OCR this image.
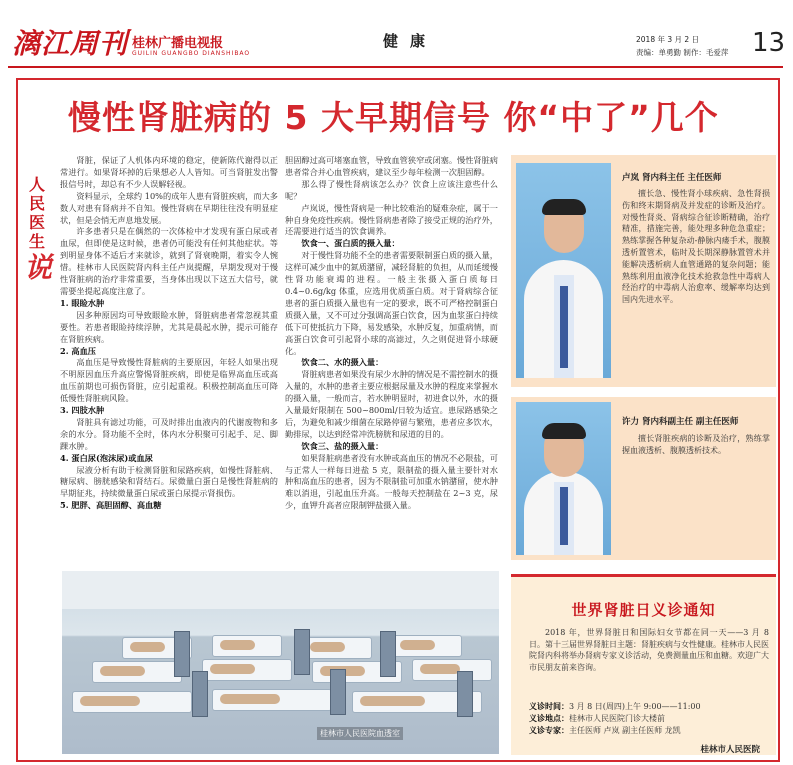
漓江周刊 桂林广播电视报
GUILIN GUANGBO DIANSHIBAO
健康	2018 年 3 月 2 日
责编：单勇勤 制作：毛爱萍 13
慢性肾脏病的 5 大早期信号 你“中了”几个
人
民
医
生
说

肾脏，保证了人机体内环境的稳定，使新陈代谢得以正常进行。如果肾坏掉的后果想必人人皆知。可当肾脏发出警报信号时，却总有不少人误解轻视。

资料显示，全球约 10%的成年人患有肾脏疾病，而大多数人对患有肾病并不自知。慢性肾病在早期往往没有明显症状，但是会悄无声息地发展。

许多患者只是在偶然的一次体检中才发现有蛋白尿或者血尿，但即使是这时候，患者仍可能没有任何其他症状。等到明显身体不适后才来就诊，就到了肾衰晚期，着实令人惋惜。桂林市人民医院肾内科主任卢岚提醒，早期发现对于慢性肾脏病的治疗非常重要，当身体出现以下这五大信号，就需要坐提起高度注意了。

1. 眼睑水肿

因多种原因均可导致眼睑水肿，肾脏病患者常忽视其重要性。若患者眼睑持续浮肿，尤其是晨起水肿，提示可能存在肾脏疾病。

2. 高血压

高血压是导致慢性肾脏病的主要原因，年轻人如果出现不明原因血压升高应警惕肾脏疾病，即使是临界高血压或高血压前期也可损伤肾脏，应引起重视。积极控制高血压可降低慢性肾脏病风险。

3. 四肢水肿

肾脏具有滤过功能，可及时排出血液内的代谢废物和多余的水分。肾功能不全时，体内水分积聚可引起手、足、脚踝水肿。

4. 蛋白尿(泡沫尿)或血尿

尿液分析有助于检测肾脏和尿路疾病，如慢性肾脏病、糖尿病、膀胱感染和肾结石。尿微量白蛋白是慢性肾脏病的早期征兆，持续微量蛋白尿或蛋白尿提示肾损伤。

5. 肥胖、高胆固醇、高血糖

胆固醇过高可堵塞血管，导致血管狭窄或闭塞。慢性肾脏病患者常合并心血管疾病，建议至少每年检测一次胆固醇。

那么得了慢性肾病该怎么办？饮食上应该注意些什么呢？

卢岚说，慢性肾病是一种比较难治的疑难杂症，属于一种自身免疫性疾病。慢性肾病患者除了接受正规的治疗外，还需要进行适当的饮食调养。

饮食一、蛋白质的摄入量：

对于慢性肾功能不全的患者需要限制蛋白质的摄入量，这样可减少血中的氮质潴留，减轻肾脏的负担，从而延缓慢性肾功能衰竭的进程。一般主张摄入蛋白质每日 0.4~0.6g/kg 体重，应选用优质蛋白质。对于肾病综合征患者的蛋白质摄入量也有一定的要求，既不可严格控制蛋白质摄入量，又不可过分强调高蛋白饮食，因为血浆蛋白持续低下可使抵抗力下降，易发感染，水肿反复，加重病情，而高蛋白饮食可引起肾小球的高滤过，久之则促进肾小球硬化。

饮食二、水的摄入量：

肾脏病患者如果没有尿少水肿的情况是不需控制水的摄入量的，水肿的患者主要应根据尿量及水肿的程度来掌握水的摄入量，一般而言，若水肿明显时，初进食以外，水的摄入量最好限制在 500~800ml/日较为适宜。患尿路感染之后，为避免和减少细菌在尿路停留与繁殖，患者应多饮水，勤排尿，以达到经常冲洗膀胱和尿道的目的。

饮食三、盐的摄入量：

如果肾脏病患者没有水肿或高血压的情况不必限盐，可与正常人一样每日进盐 5 克，限制盐的摄入量主要针对水肿和高血压的患者，因为不限制盐可加重水钠潴留，使水肿难以消退，引起血压升高。一般每天控制盐在 2~3 克，尿少，血钾升高者应限制钾盐摄入量。

卢岚 肾内科主任 主任医师
擅长急、慢性肾小球疾病、急性肾损伤和终末期肾病及并发症的诊断及治疗。对慢性肾炎、肾病综合征诊断精确，治疗精准，措施完善，能处理多种危急重症；熟练掌握各种复杂动-静脉内瘘手术，腹膜透析置管术，临时及长期深静脉置管术并能解决透析病人血管通路的复杂问题；能熟练利用血液净化技术抢救急性中毒病人经治疗的中毒病人治愈率、缓解率均达到国内先进水平。
许力 肾内科副主任 副主任医师
擅长肾脏疾病的诊断及治疗，熟练掌握血液透析、腹膜透析技术。
桂林市人民医院血透室
世界肾脏日义诊通知
2018 年，世界肾脏日和国际妇女节都在同一天——3 月 8 日。第十三届世界肾脏日主题：肾脏疾病与女性健康。桂林市人民医院肾内科将举办肾病专家义诊活动，免费测量血压和血糖。欢迎广大市民朋友前来咨询。
义诊时间：3 月 8 日(周四)上午 9:00——11:00
义诊地点：桂林市人民医院门诊大楼前
义诊专家：主任医师 卢岚 副主任医师 龙凯
桂林市人民医院
